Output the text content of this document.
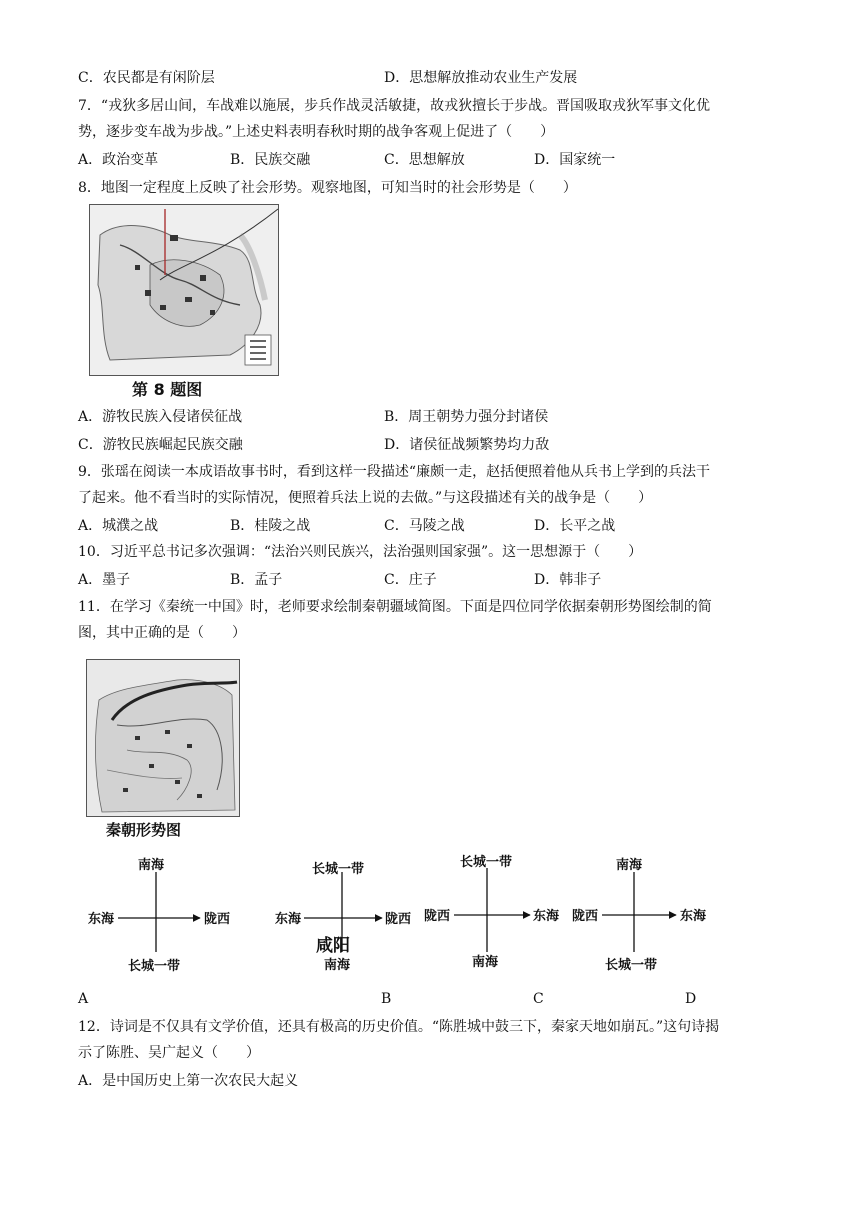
C．农民都是有闲阶层	D．思想解放推动农业生产发展
7．“戎狄多居山间，车战难以施展，步兵作战灵活敏捷，故戎狄擅长于步战。晋国吸取戎狄军事文化优
势，逐步变车战为步战。”上述史料表明春秋时期的战争客观上促进了（　　）
A．政治变革	B．民族交融	C．思想解放	D．国家统一
8．地图一定程度上反映了社会形势。观察地图，可知当时的社会形势是（　　）
第 8 题图
A．游牧民族入侵诸侯征战	B．周王朝势力强分封诸侯
C．游牧民族崛起民族交融	D．诸侯征战频繁势均力敌
9．张瑶在阅读一本成语故事书时，看到这样一段描述“廉颇一走，赵括便照着他从兵书上学到的兵法干
了起来。他不看当时的实际情况，便照着兵法上说的去做。”与这段描述有关的战争是（　　）
A．城濮之战	B．桂陵之战	C．马陵之战	D．长平之战
10．习近平总书记多次强调：“法治兴则民族兴，法治强则国家强”。这一思想源于（　　）
A．墨子	B．孟子	C．庄子	D．韩非子
11．在学习《秦统一中国》时，老师要求绘制秦朝疆域简图。下面是四位同学依据秦朝形势图绘制的简
图，其中正确的是（　　）
秦朝形势图
南海
东海	陇西
长城一带
长城一带
东海	陇西
咸阳
南海
长城一带
陇西	东海
南海
南海
陇西	东海
长城一带
A	B	C	D
12．诗词是不仅具有文学价值，还具有极高的历史价值。“陈胜城中鼓三下，秦家天地如崩瓦。”这句诗揭
示了陈胜、吴广起义（　　）
A．是中国历史上第一次农民大起义
